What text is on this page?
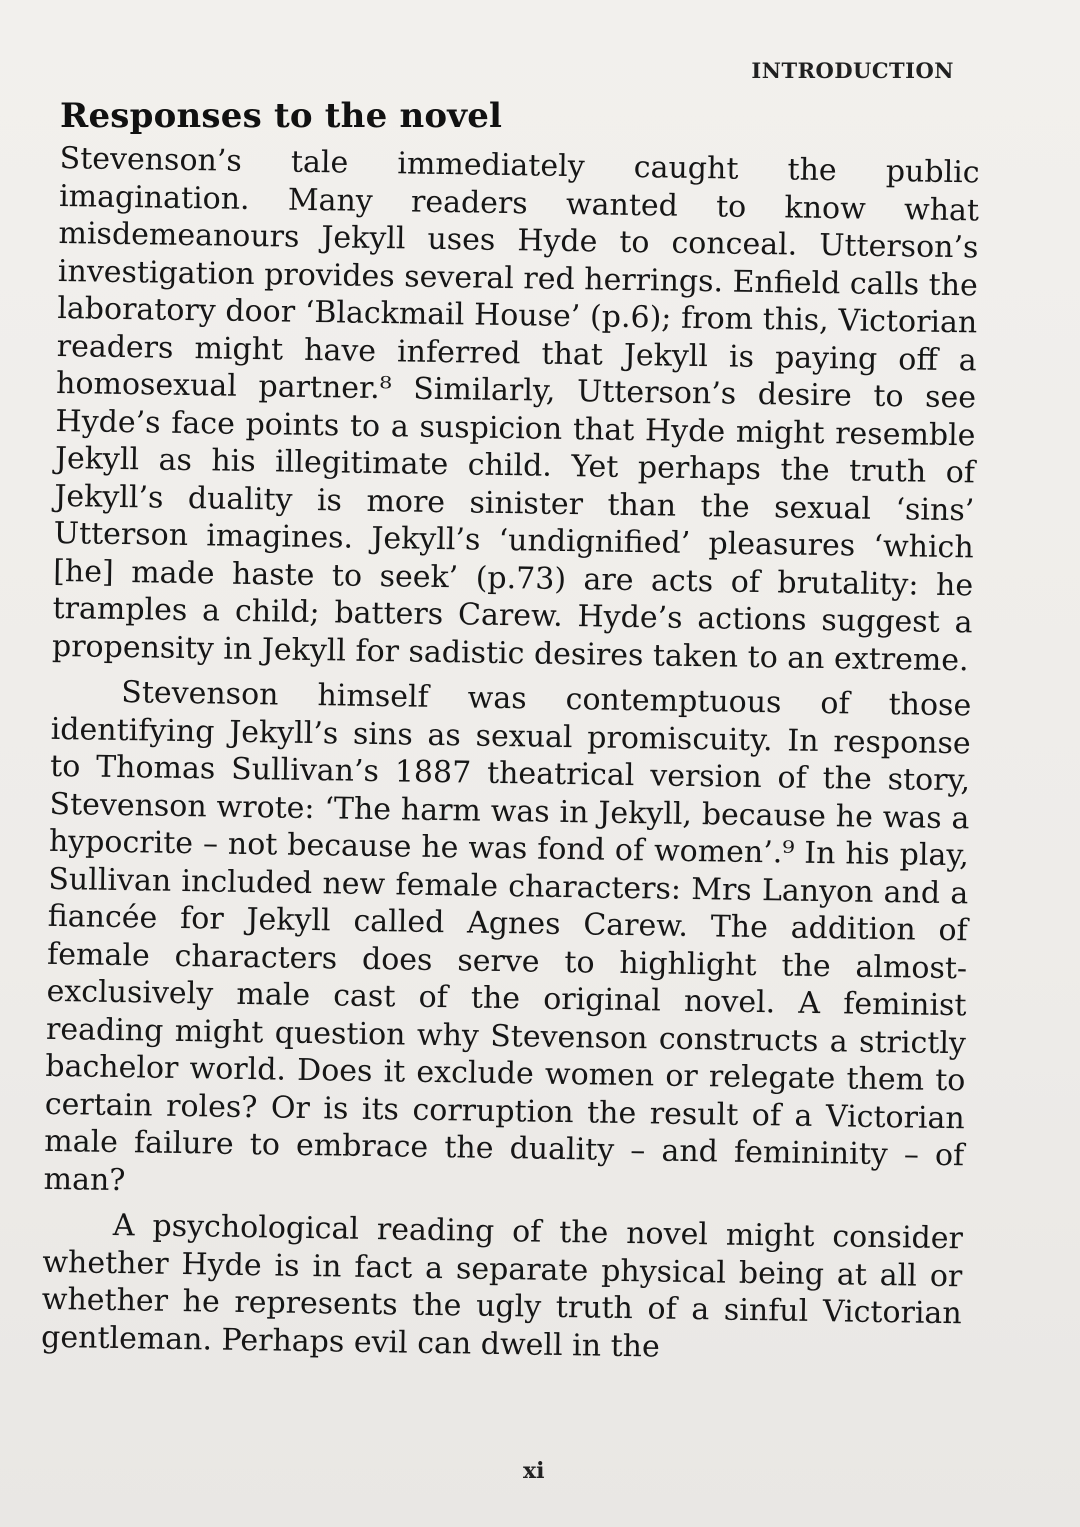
INTRODUCTION
Responses to the novel

Stevenson’s tale immediately caught the public imagination. Many readers wanted to know what misdemeanours Jekyll uses Hyde to conceal. Utterson’s investigation provides several red herrings. Enfield calls the laboratory door ‘Blackmail House’ (p.6); from this, Victorian readers might have inferred that Jekyll is paying off a homosexual partner.⁸ Similarly, Utterson’s desire to see Hyde’s face points to a suspicion that Hyde might resemble Jekyll as his illegitimate child. Yet perhaps the truth of Jekyll’s duality is more sinister than the sexual ‘sins’ Utterson imagines. Jekyll’s ‘undignified’ pleasures ‘which [he] made haste to seek’ (p.73) are acts of brutality: he tramples a child; batters Carew. Hyde’s actions suggest a propensity in Jekyll for sadistic desires taken to an extreme.

Stevenson himself was contemptuous of those identifying Jekyll’s sins as sexual promiscuity. In response to Thomas Sullivan’s 1887 theatrical version of the story, Stevenson wrote: ‘The harm was in Jekyll, because he was a hypocrite – not because he was fond of women’.⁹ In his play, Sullivan included new female characters: Mrs Lanyon and a fiancée for Jekyll called Agnes Carew. The addition of female characters does serve to highlight the almost-exclusively male cast of the original novel. A feminist reading might question why Stevenson constructs a strictly bachelor world. Does it exclude women or relegate them to certain roles? Or is its corruption the result of a Victorian male failure to embrace the duality – and femininity – of man?

A psychological reading of the novel might consider whether Hyde is in fact a separate physical being at all or whether he represents the ugly truth of a sinful Victorian gentleman. Perhaps evil can dwell in the

xi
